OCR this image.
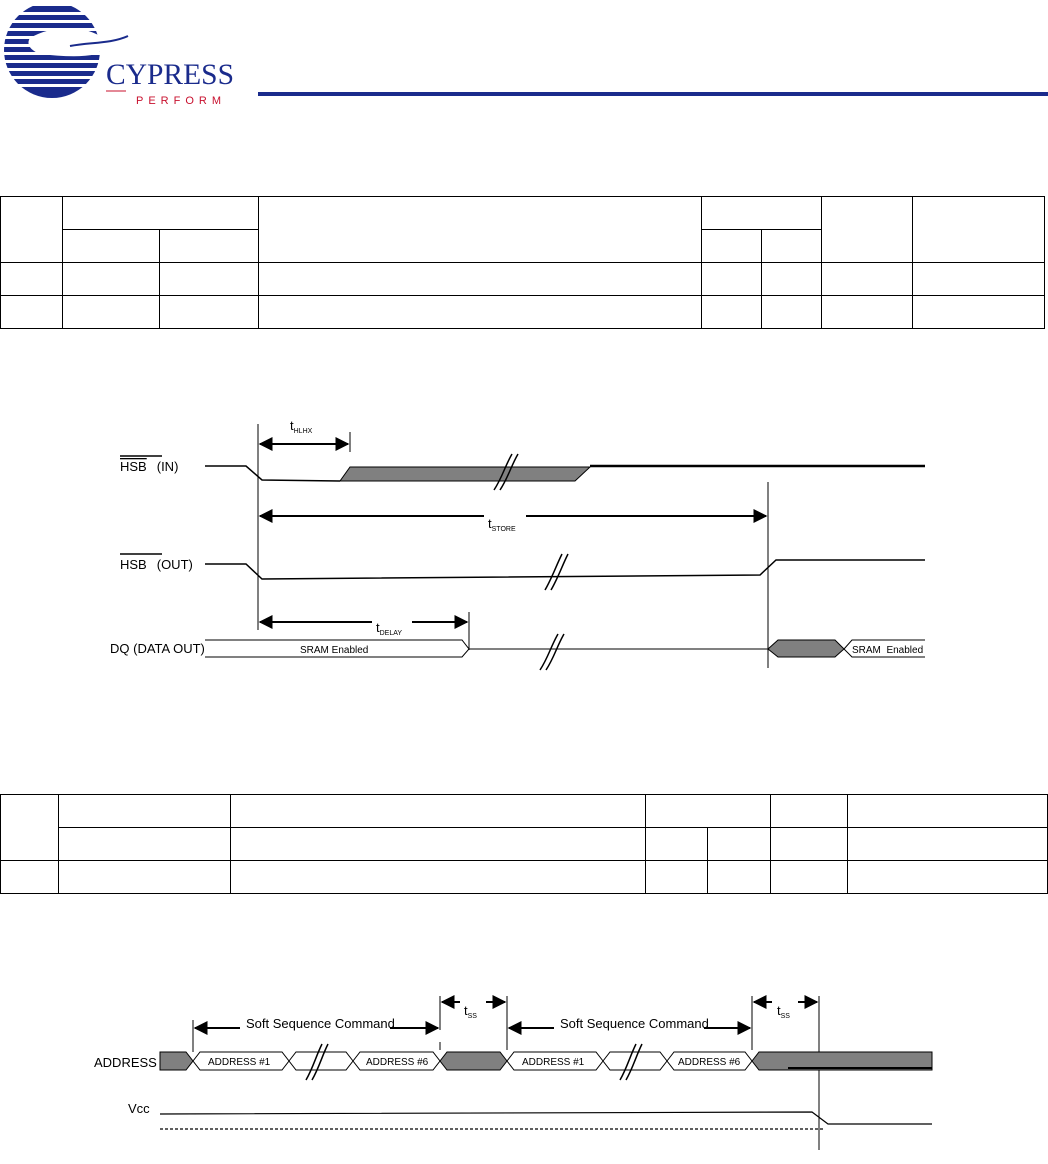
CYPRESS
PERFORM

$t_{HLHX}$
HSB (IN)
$t_{STORE}$
HSB (OUT)
$t_{DELAY}$
DQ (DATA OUT)	SRAM Enabled	SRAM  Enabled

Soft Sequence Command	Soft Sequence Command
$t_{SS}$	$t_{SS}$
ADDRESS	ADDRESS #1	ADDRESS #6	ADDRESS #1	ADDRESS #6
Vcc
